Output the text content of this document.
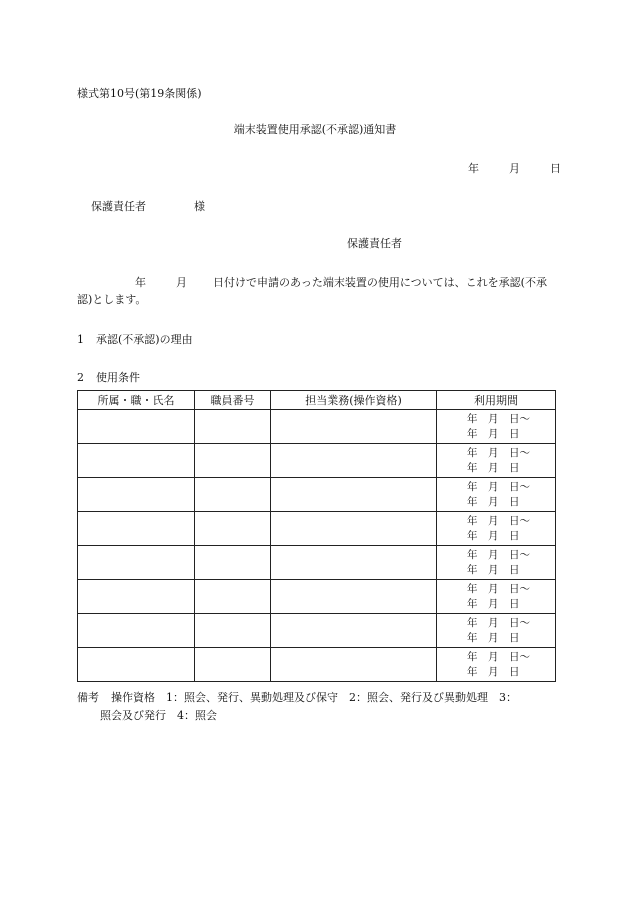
様式第10号(第19条関係)
端末装置使用承認(不承認)通知書
年	月	日
保護責任者	様
保護責任者
年	月 日付けで申請のあった端末装置の使用については、これを承認(不承認)とします。
1 承認(不承認)の理由
2 使用条件
所属・職・氏名	職員番号	担当業務(操作資格)	利用期間

			年　月　日～
年　月　日

			年　月　日～
年　月　日

			年　月　日～
年　月　日

			年　月　日～
年　月　日

			年　月　日～
年　月　日

			年　月　日～
年　月　日

			年　月　日～
年　月　日

			年　月　日～
年　月　日
備考 操作資格　1：照会、発行、異動処理及び保守　2：照会、発行及び異動処理　3：
照会及び発行　4：照会
